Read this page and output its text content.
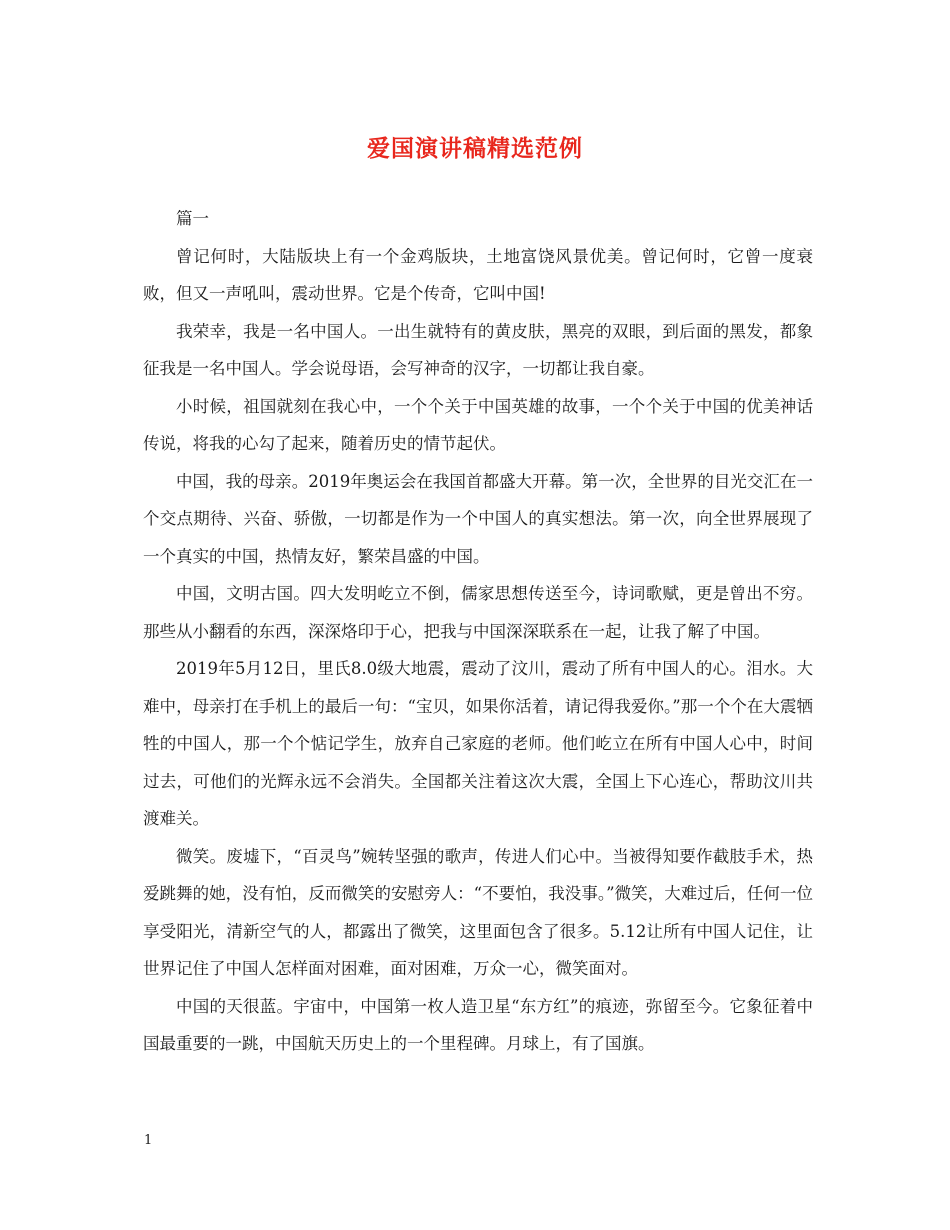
爱国演讲稿精选范例

篇一

曾记何时，大陆版块上有一个金鸡版块，土地富饶风景优美。曾记何时，它曾一度衰败，但又一声吼叫，震动世界。它是个传奇，它叫中国!

我荣幸，我是一名中国人。一出生就特有的黄皮肤，黑亮的双眼，到后面的黑发，都象征我是一名中国人。学会说母语，会写神奇的汉字，一切都让我自豪。

小时候，祖国就刻在我心中，一个个关于中国英雄的故事，一个个关于中国的优美神话传说，将我的心勾了起来，随着历史的情节起伏。

中国，我的母亲。2019年奥运会在我国首都盛大开幕。第一次，全世界的目光交汇在一个交点期待、兴奋、骄傲，一切都是作为一个中国人的真实想法。第一次，向全世界展现了一个真实的中国，热情友好，繁荣昌盛的中国。

中国，文明古国。四大发明屹立不倒，儒家思想传送至今，诗词歌赋，更是曾出不穷。那些从小翻看的东西，深深烙印于心，把我与中国深深联系在一起，让我了解了中国。

2019年5月12日，里氏8.0级大地震，震动了汶川，震动了所有中国人的心。泪水。大难中，母亲打在手机上的最后一句：“宝贝，如果你活着，请记得我爱你。”那一个个在大震牺牲的中国人，那一个个惦记学生，放弃自己家庭的老师。他们屹立在所有中国人心中，时间过去，可他们的光辉永远不会消失。全国都关注着这次大震，全国上下心连心，帮助汶川共渡难关。

微笑。废墟下，“百灵鸟”婉转坚强的歌声，传进人们心中。当被得知要作截肢手术，热爱跳舞的她，没有怕，反而微笑的安慰旁人：“不要怕，我没事。”微笑，大难过后，任何一位享受阳光，清新空气的人，都露出了微笑，这里面包含了很多。5.12让所有中国人记住，让世界记住了中国人怎样面对困难，面对困难，万众一心，微笑面对。

中国的天很蓝。宇宙中，中国第一枚人造卫星“东方红”的痕迹，弥留至今。它象征着中国最重要的一跳，中国航天历史上的一个里程碑。月球上，有了国旗。

1
